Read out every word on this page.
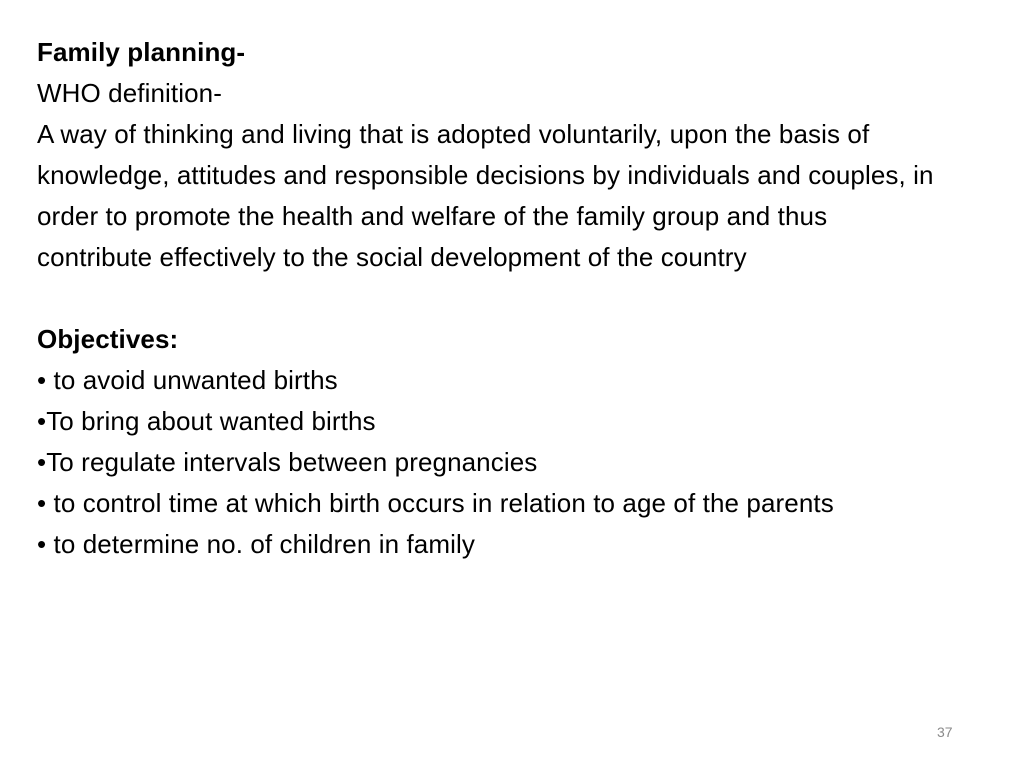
Family planning-
WHO definition-
A way of thinking and living that is adopted voluntarily, upon the basis of knowledge, attitudes and responsible decisions by individuals and couples, in order to promote the health and welfare of the family group and thus contribute effectively to the social development of the country
Objectives:
• to avoid unwanted births
•To bring about wanted births
•To regulate intervals between pregnancies
• to control time at which birth occurs in relation to age of the parents
• to determine no. of children in family
37
